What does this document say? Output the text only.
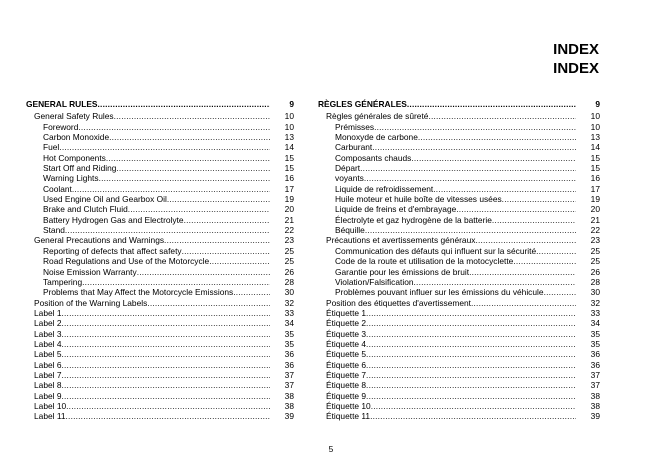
INDEX
INDEX
GENERAL RULES .....	9
General Safety Rules .....	10
Foreword .....	10
Carbon Monoxide .....	13
Fuel .....	14
Hot Components .....	15
Start Off and Riding .....	15
Warning Lights .....	16
Coolant .....	17
Used Engine Oil and Gearbox Oil .....	19
Brake and Clutch Fluid .....	20
Battery Hydrogen Gas and Electrolyte .....	21
Stand .....	22
General Precautions and Warnings .....	23
Reporting of defects that affect safety .....	25
Road Regulations and Use of the Motorcycle .....	25
Noise Emission Warranty .....	26
Tampering .....	28
Problems that May Affect the Motorcycle Emissions .....	30
Position of the Warning Labels .....	32
Label 1 .....	33
Label 2 .....	34
Label 3 .....	35
Label 4 .....	35
Label 5 .....	36
Label 6 .....	36
Label 7 .....	37
Label 8 .....	37
Label 9 .....	38
Label 10 .....	38
Label 11 .....	39
RÈGLES GÉNÉRALES .....	9
Règles générales de sûreté .....	10
Prémisses .....	10
Monoxyde de carbone .....	13
Carburant .....	14
Composants chauds .....	15
Départ .....	15
voyants .....	16
Liquide de refroidissement .....	17
Huile moteur et huile boîte de vitesses usées .....	19
Liquide de freins et d'embrayage .....	20
Électrolyte et gaz hydrogène de la batterie .....	21
Béquille .....	22
Précautions et avertissements généraux .....	23
Communication des défauts qui influent sur la sécurité .....	25
Code de la route et utilisation de la motocyclette .....	25
Garantie pour les émissions de bruit .....	26
Violation/Falsification .....	28
Problèmes pouvant influer sur les émissions du véhicule .....	30
Position des étiquettes d'avertissement .....	32
Étiquette 1 .....	33
Étiquette 2 .....	34
Étiquette 3 .....	35
Étiquette 4 .....	35
Étiquette 5 .....	36
Étiquette 6 .....	36
Étiquette 7 .....	37
Étiquette 8 .....	37
Étiquette 9 .....	38
Étiquette 10 .....	38
Étiquette 11 .....	39
5
